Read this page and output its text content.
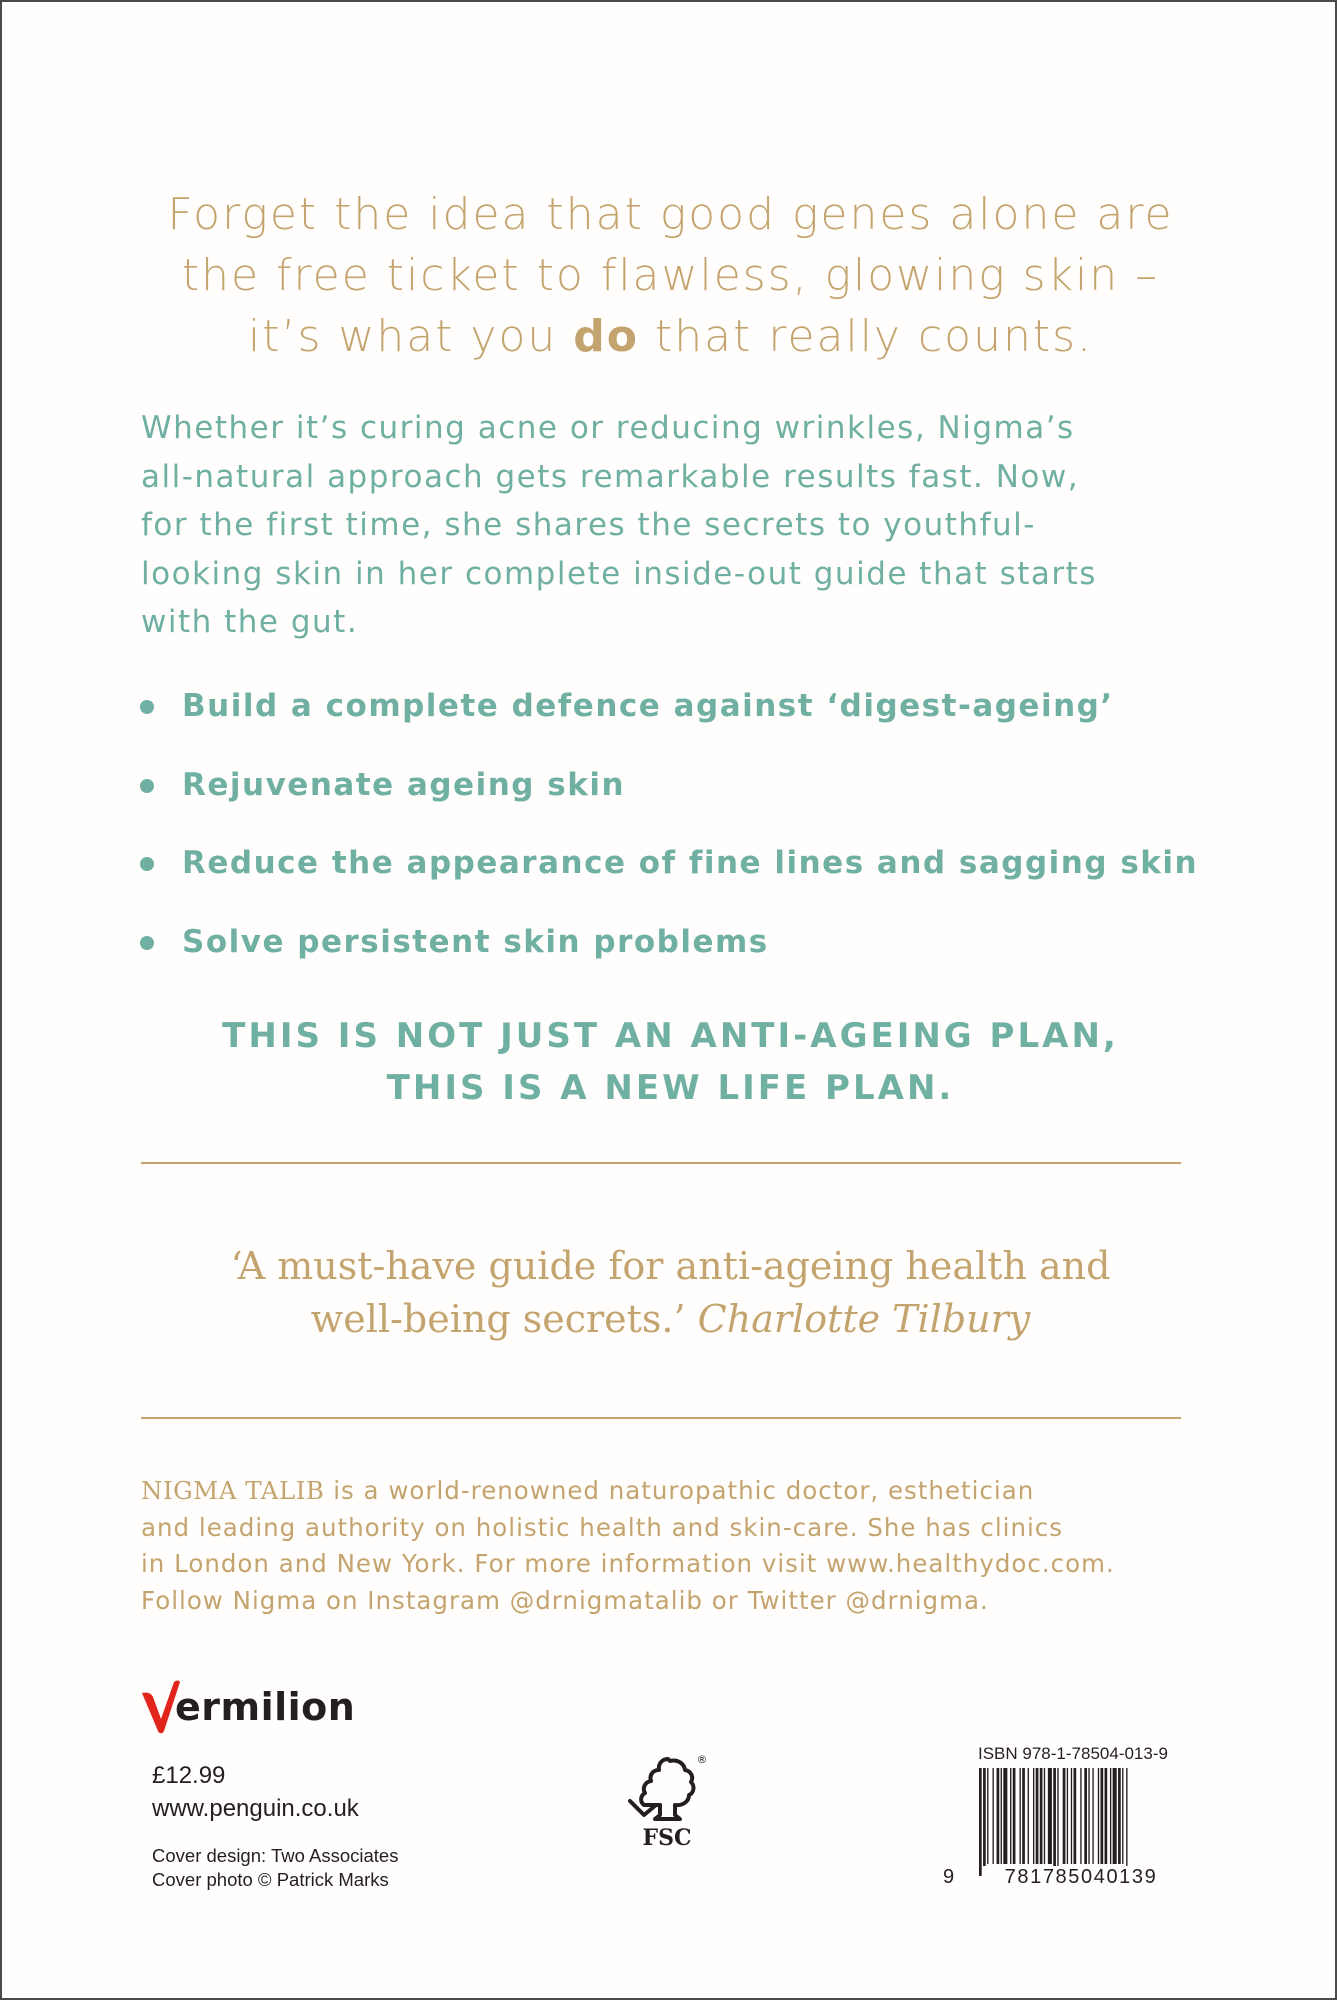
Forget the idea that good genes alone are
the free ticket to flawless, glowing skin –
it’s what you do that really counts.
Whether it’s curing acne or reducing wrinkles, Nigma’s
all-natural approach gets remarkable results fast. Now,
for the first time, she shares the secrets to youthful-
looking skin in her complete inside-out guide that starts
with the gut.
Build a complete defence against ‘digest-ageing’
Rejuvenate ageing skin
Reduce the appearance of fine lines and sagging skin
Solve persistent skin problems
THIS IS NOT JUST AN ANTI-AGEING PLAN,
THIS IS A NEW LIFE PLAN.
‘A must-have guide for anti-ageing health and
well-being secrets.’ Charlotte Tilbury
NIGMA TALIB is a world-renowned naturopathic doctor, esthetician
and leading authority on holistic health and skin-care. She has clinics
in London and New York. For more information visit www.healthydoc.com.
Follow Nigma on Instagram @drnigmatalib or Twitter @drnigma.
ermilion
£12.99
www.penguin.co.uk
Cover design: Two Associates
Cover photo © Patrick Marks
FSC
®	ISBN 978-1-78504-013-9
9	781785040139
